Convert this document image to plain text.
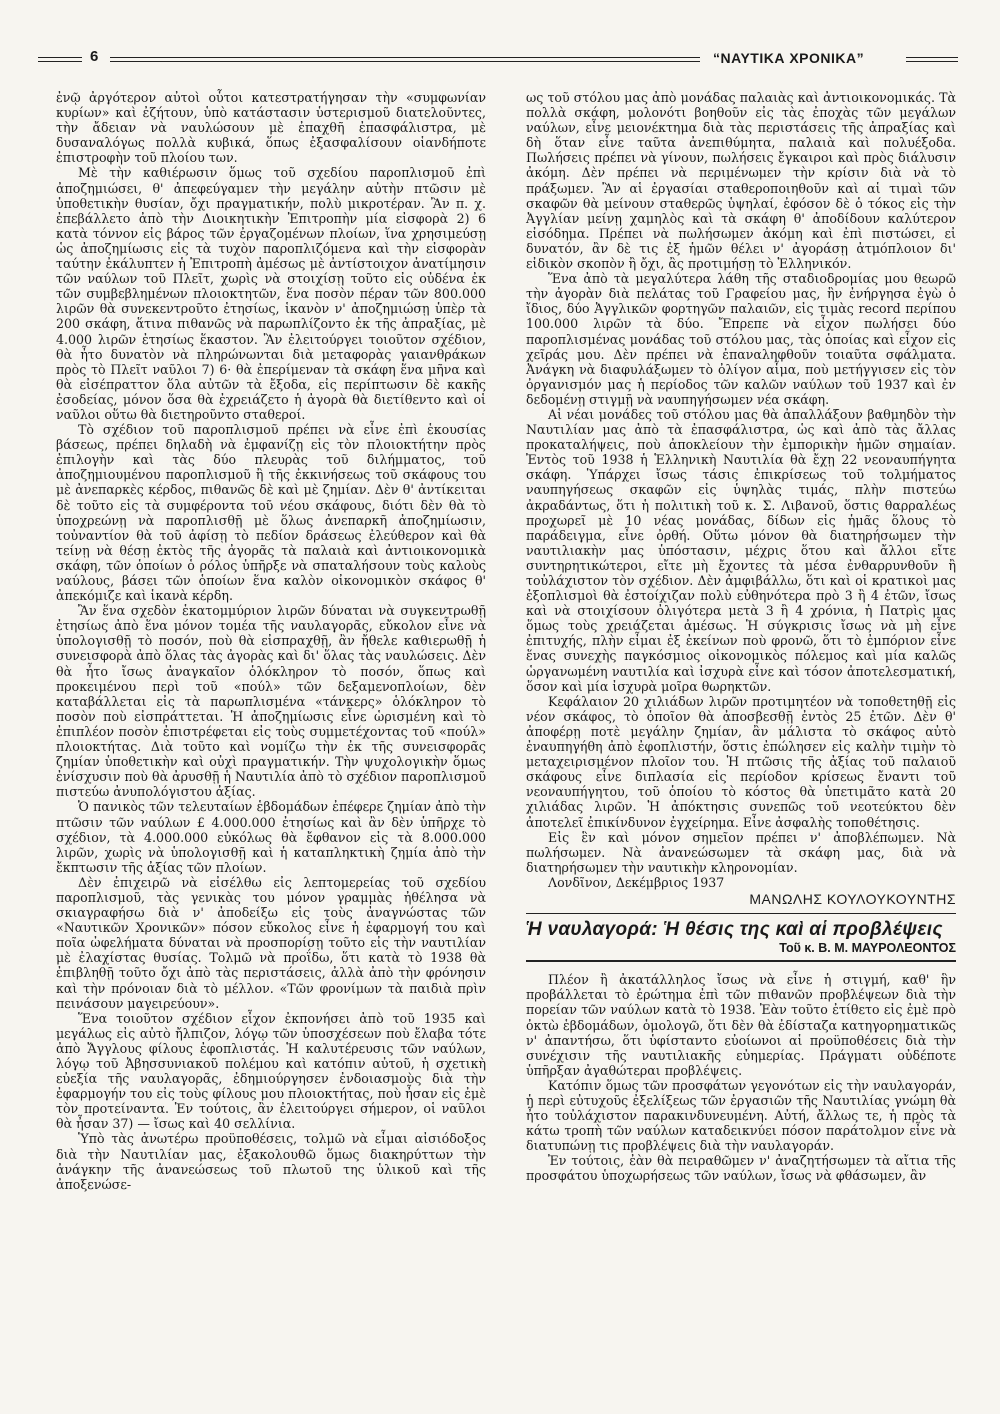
6	“ΝΑΥΤΙΚΑ ΧΡΟΝΙΚΑ”

ἐνῷ ἀργότερον αὐτοὶ οὗτοι κατεστρατήγησαν τὴν «συμφωνίαν κυρίων» καὶ ἐζήτουν, ὑπὸ κατάστασιν ὑστερισμοῦ διατελοῦντες, τὴν ἄδειαν νὰ ναυλώσουν μὲ ἐπαχθῆ ἐπασφάλιστρα, μὲ δυσαναλόγως πολλὰ κυβικά, ὅπως ἐξασφαλίσουν οἱανδήποτε ἐπιστροφὴν τοῦ πλοίου των.

Μὲ τὴν καθιέρωσιν ὅμως τοῦ σχεδίου παροπλισμοῦ ἐπὶ ἀποζημιώσει, θ' ἀπεφεύγαμεν τὴν μεγάλην αὐτὴν πτῶσιν μὲ ὑποθετικὴν θυσίαν, ὄχι πραγματικήν, πολὺ μικροτέραν. Ἂν π. χ. ἐπεβάλλετο ἀπὸ τὴν Διοικητικὴν Ἐπιτροπὴν μία εἰσφορὰ 2) 6 κατὰ τόννον εἰς βάρος τῶν ἐργαζομένων πλοίων, ἵνα χρησιμεύσῃ ὡς ἀποζημίωσις εἰς τὰ τυχὸν παροπλιζόμενα καὶ τὴν εἰσφορὰν ταύτην ἐκάλυπτεν ἡ Ἐπιτροπὴ ἀμέσως μὲ ἀντίστοιχον ἀνατίμησιν τῶν ναύλων τοῦ Πλεῖτ, χωρὶς νὰ στοιχίσῃ τοῦτο εἰς οὐδένα ἐκ τῶν συμβεβλημένων πλοιοκτητῶν, ἕνα ποσὸν πέραν τῶν 800.000 λιρῶν θὰ συνεκεντροῦτο ἐτησίως, ἱκανὸν ν' ἀποζημιώσῃ ὑπὲρ τὰ 200 σκάφη, ἅτινα πιθανῶς νὰ παρωπλίζοντο ἐκ τῆς ἀπραξίας, μὲ 4.000 λιρῶν ἐτησίως ἕκαστον. Ἂν ἐλειτούργει τοιοῦτον σχέδιον, θὰ ἦτο δυνατὸν νὰ πληρώνωνται διὰ μεταφορὰς γαιανθράκων πρὸς τὸ Πλεῖτ ναῦλοι 7) 6· θὰ ἐπερίμεναν τὰ σκάφη ἕνα μῆνα καὶ θὰ εἰσέπραττον ὅλα αὐτῶν τὰ ἔξοδα, εἰς περίπτωσιν δὲ κακῆς ἐσοδείας, μόνον ὅσα θὰ ἐχρειάζετο ἡ ἀγορὰ θὰ διετίθεντο καὶ οἱ ναῦλοι οὕτω θὰ διετηροῦντο σταθεροί.

Τὸ σχέδιον τοῦ παροπλισμοῦ πρέπει νὰ εἶνε ἐπὶ ἑκουσίας βάσεως, πρέπει δηλαδὴ νὰ ἐμφανίζῃ εἰς τὸν πλοιοκτήτην πρὸς ἐπιλογὴν καὶ τὰς δύο πλευρὰς τοῦ διλήμματος, τοῦ ἀποζημιουμένου παροπλισμοῦ ἢ τῆς ἐκκινήσεως τοῦ σκάφους του μὲ ἀνεπαρκὲς κέρδος, πιθανῶς δὲ καὶ μὲ ζημίαν. Δὲν θ' ἀντίκειται δὲ τοῦτο εἰς τὰ συμφέροντα τοῦ νέου σκάφους, διότι δὲν θὰ τὸ ὑποχρεώνῃ νὰ παροπλισθῇ μὲ ὅλως ἀνεπαρκῆ ἀποζημίωσιν, τοὐναντίον θὰ τοῦ ἀφίσῃ τὸ πεδίον δράσεως ἐλεύθερον καὶ θὰ τείνῃ νὰ θέσῃ ἐκτὸς τῆς ἀγορᾶς τὰ παλαιὰ καὶ ἀντιοικονομικὰ σκάφη, τῶν ὁποίων ὁ ρόλος ὑπῆρξε νὰ σπαταλήσουν τοὺς καλοὺς ναύλους, βάσει τῶν ὁποίων ἕνα καλὸν οἰκονομικὸν σκάφος θ' ἀπεκόμιζε καὶ ἱκανὰ κέρδη.

Ἂν ἕνα σχεδὸν ἑκατομμύριον λιρῶν δύναται νὰ συγκεντρωθῇ ἐτησίως ἀπὸ ἕνα μόνον τομέα τῆς ναυλαγορᾶς, εὔκολον εἶνε νὰ ὑπολογισθῇ τὸ ποσόν, ποὺ θὰ εἰσπραχθῇ, ἂν ἤθελε καθιερωθῇ ἡ συνεισφορὰ ἀπὸ ὅλας τὰς ἀγορὰς καὶ δι' ὅλας τὰς ναυλώσεις. Δὲν θὰ ἦτο ἴσως ἀναγκαῖον ὁλόκληρον τὸ ποσόν, ὅπως καὶ προκειμένου περὶ τοῦ «πούλ» τῶν δεξαμενοπλοίων, δὲν καταβάλλεται εἰς τὰ παρωπλισμένα «τάνκερς» ὁλόκληρον τὸ ποσὸν ποὺ εἰσπράττεται. Ἡ ἀποζημίωσις εἶνε ὡρισμένη καὶ τὸ ἐπιπλέον ποσὸν ἐπιστρέφεται εἰς τοὺς συμμετέχοντας τοῦ «πούλ» πλοιοκτήτας. Διὰ τοῦτο καὶ νομίζω τὴν ἐκ τῆς συνεισφορᾶς ζημίαν ὑποθετικὴν καὶ οὐχὶ πραγματικήν. Τὴν ψυχολογικὴν ὅμως ἐνίσχυσιν ποὺ θὰ ἀρυσθῇ ἡ Ναυτιλία ἀπὸ τὸ σχέδιον παροπλισμοῦ πιστεύω ἀνυπολόγιστου ἀξίας.

Ὁ πανικὸς τῶν τελευταίων ἑβδομάδων ἐπέφερε ζημίαν ἀπὸ τὴν πτῶσιν τῶν ναύλων £ 4.000.000 ἐτησίως καὶ ἂν δὲν ὑπῆρχε τὸ σχέδιον, τὰ 4.000.000 εὐκόλως θὰ ἔφθανον εἰς τὰ 8.000.000 λιρῶν, χωρὶς νὰ ὑπολογισθῇ καὶ ἡ καταπληκτικὴ ζημία ἀπὸ τὴν ἔκπτωσιν τῆς ἀξίας τῶν πλοίων.

Δὲν ἐπιχειρῶ νὰ εἰσέλθω εἰς λεπτομερείας τοῦ σχεδίου παροπλισμοῦ, τὰς γενικὰς του μόνον γραμμὰς ἠθέλησα νὰ σκιαγραφήσω διὰ ν' ἀποδείξω εἰς τοὺς ἀναγνώστας τῶν «Ναυτικῶν Χρονικῶν» πόσον εὔκολος εἶνε ἡ ἐφαρμογή του καὶ ποῖα ὠφελήματα δύναται νὰ προσπορίσῃ τοῦτο εἰς τὴν ναυτιλίαν μὲ ἐλαχίστας θυσίας. Τολμῶ νὰ προΐδω, ὅτι κατὰ τὸ 1938 θὰ ἐπιβληθῇ τοῦτο ὄχι ἀπὸ τὰς περιστάσεις, ἀλλὰ ἀπὸ τὴν φρόνησιν καὶ τὴν πρόνοιαν διὰ τὸ μέλλον. «Τῶν φρονίμων τὰ παιδιὰ πρὶν πεινάσουν μαγειρεύουν».

Ἕνα τοιοῦτον σχέδιον εἶχον ἐκπονήσει ἀπὸ τοῦ 1935 καὶ μεγάλως εἰς αὐτὸ ἤλπιζον, λόγῳ τῶν ὑποσχέσεων ποὺ ἔλαβα τότε ἀπὸ Ἄγγλους φίλους ἐφοπλιστάς. Ἡ καλυτέρευσις τῶν ναύλων, λόγῳ τοῦ Ἀβησσυνιακοῦ πολέμου καὶ κατόπιν αὐτοῦ, ἡ σχετικὴ εὐεξία τῆς ναυλαγορᾶς, ἐδημιούργησεν ἐνδοιασμοὺς διὰ τὴν ἐφαρμογήν του εἰς τοὺς φίλους μου πλοιοκτήτας, ποὺ ἦσαν εἰς ἐμὲ τὸν προτείναντα. Ἐν τούτοις, ἂν ἐλειτούργει σήμερον, οἱ ναῦλοι θὰ ἦσαν 37) — ἴσως καὶ 40 σελλίνια.

Ὑπὸ τὰς ἀνωτέρω προϋποθέσεις, τολμῶ νὰ εἶμαι αἰσιόδοξος διὰ τὴν Ναυτιλίαν μας, ἐξακολουθῶ ὅμως διακηρύττων τὴν ἀνάγκην τῆς ἀνανεώσεως τοῦ πλωτοῦ της ὑλικοῦ καὶ τῆς ἀποξενώσε-

ως τοῦ στόλου μας ἀπὸ μονάδας παλαιὰς καὶ ἀντιοικονομικάς. Τὰ πολλὰ σκάφη, μολονότι βοηθοῦν εἰς τὰς ἐποχὰς τῶν μεγάλων ναύλων, εἶνε μειονέκτημα διὰ τὰς περιστάσεις τῆς ἀπραξίας καὶ δὴ ὅταν εἶνε ταῦτα ἀνεπιθύμητα, παλαιὰ καὶ πολυέξοδα. Πωλήσεις πρέπει νὰ γίνουν, πωλήσεις ἔγκαιροι καὶ πρὸς διάλυσιν ἀκόμη. Δὲν πρέπει νὰ περιμένωμεν τὴν κρίσιν διὰ νὰ τὸ πράξωμεν. Ἂν αἱ ἐργασίαι σταθεροποιηθοῦν καὶ αἱ τιμαὶ τῶν σκαφῶν θὰ μείνουν σταθερῶς ὑψηλαί, ἐφόσον δὲ ὁ τόκος εἰς τὴν Ἀγγλίαν μείνῃ χαμηλὸς καὶ τὰ σκάφη θ' ἀποδίδουν καλύτερον εἰσόδημα. Πρέπει νὰ πωλήσωμεν ἀκόμη καὶ ἐπὶ πιστώσει, εἰ δυνατόν, ἂν δὲ τις ἐξ ἡμῶν θέλει ν' ἀγοράσῃ ἀτμόπλοιον δι' εἰδικὸν σκοπὸν ἢ ὄχι, ἂς προτιμήσῃ τὸ Ἑλληνικόν.

Ἕνα ἀπὸ τὰ μεγαλύτερα λάθη τῆς σταδιοδρομίας μου θεωρῶ τὴν ἀγορὰν διὰ πελάτας τοῦ Γραφείου μας, ἣν ἐνήργησα ἐγὼ ὁ ἴδιος, δύο Ἀγγλικῶν φορτηγῶν παλαιῶν, εἰς τιμὰς record περίπου 100.000 λιρῶν τὰ δύο. Ἔπρεπε νὰ εἶχον πωλήσει δύο παροπλισμένας μονάδας τοῦ στόλου μας, τὰς ὁποίας καὶ εἶχον εἰς χεῖράς μου. Δὲν πρέπει νὰ ἐπαναληφθοῦν τοιαῦτα σφάλματα. Ἀνάγκη νὰ διαφυλάξωμεν τὸ ὀλίγον αἷμα, ποὺ μετήγγισεν εἰς τὸν ὀργανισμόν μας ἡ περίοδος τῶν καλῶν ναύλων τοῦ 1937 καὶ ἐν δεδομένῃ στιγμῇ νὰ ναυπηγήσωμεν νέα σκάφη.

Αἱ νέαι μονάδες τοῦ στόλου μας θὰ ἀπαλλάξουν βαθμηδὸν τὴν Ναυτιλίαν μας ἀπὸ τὰ ἐπασφάλιστρα, ὡς καὶ ἀπὸ τὰς ἄλλας προκαταλήψεις, ποὺ ἀποκλείουν τὴν ἐμπορικὴν ἡμῶν σημαίαν. Ἐντὸς τοῦ 1938 ἡ Ἑλληνικὴ Ναυτιλία θὰ ἔχῃ 22 νεοναυπήγητα σκάφη. Ὑπάρχει ἴσως τάσις ἐπικρίσεως τοῦ τολμήματος ναυπηγήσεως σκαφῶν εἰς ὑψηλὰς τιμάς, πλὴν πιστεύω ἀκραδάντως, ὅτι ἡ πολιτικὴ τοῦ κ. Σ. Λιβανοῦ, ὅστις θαρραλέως προχωρεῖ μὲ 10 νέας μονάδας, δίδων εἰς ἡμᾶς ὅλους τὸ παράδειγμα, εἶνε ὀρθή. Οὕτω μόνον θὰ διατηρήσωμεν τὴν ναυτιλιακὴν μας ὑπόστασιν, μέχρις ὅτου καὶ ἄλλοι εἴτε συντηρητικώτεροι, εἴτε μὴ ἔχοντες τὰ μέσα ἐνθαρρυνθοῦν ἢ τοὐλάχιστον τὸν σχέδιον. Δὲν ἀμφιβάλλω, ὅτι καὶ οἱ κρατικοὶ μας ἐξοπλισμοὶ θὰ ἐστοίχιζαν πολὺ εὐθηνότερα πρὸ 3 ἢ 4 ἐτῶν, ἴσως καὶ νὰ στοιχίσουν ὀλιγότερα μετὰ 3 ἢ 4 χρόνια, ἡ Πατρὶς μας ὅμως τοὺς χρειάζεται ἀμέσως. Ἡ σύγκρισις ἴσως νὰ μὴ εἶνε ἐπιτυχής, πλὴν εἶμαι ἐξ ἐκείνων ποὺ φρονῶ, ὅτι τὸ ἐμπόριον εἶνε ἕνας συνεχὴς παγκόσμιος οἰκονομικὸς πόλεμος καὶ μία καλῶς ὡργανωμένη ναυτιλία καὶ ἰσχυρὰ εἶνε καὶ τόσον ἀποτελεσματική, ὅσον καὶ μία ἰσχυρὰ μοῖρα θωρηκτῶν.

Κεφάλαιον 20 χιλιάδων λιρῶν προτιμητέον νὰ τοποθετηθῇ εἰς νέον σκάφος, τὸ ὁποῖον θὰ ἀποσβεσθῇ ἐντὸς 25 ἐτῶν. Δὲν θ' ἀποφέρῃ ποτὲ μεγάλην ζημίαν, ἂν μάλιστα τὸ σκάφος αὐτὸ ἐναυπηγήθη ἀπὸ ἐφοπλιστήν, ὅστις ἐπώλησεν εἰς καλὴν τιμὴν τὸ μεταχειρισμένον πλοῖον του. Ἡ πτῶσις τῆς ἀξίας τοῦ παλαιοῦ σκάφους εἶνε διπλασία εἰς περίοδον κρίσεως ἔναντι τοῦ νεοναυπήγητου, τοῦ ὁποίου τὸ κόστος θὰ ὑπετιμᾶτο κατὰ 20 χιλιάδας λιρῶν. Ἡ ἀπόκτησις συνεπῶς τοῦ νεοτεύκτου δὲν ἀποτελεῖ ἐπικίνδυνον ἐγχείρημα. Εἶνε ἀσφαλὴς τοποθέτησις.

Εἰς ἓν καὶ μόνον σημεῖον πρέπει ν' ἀποβλέπωμεν. Νὰ πωλήσωμεν. Νὰ ἀνανεώσωμεν τὰ σκάφη μας, διὰ νὰ διατηρήσωμεν τὴν ναυτικὴν κληρονομίαν.

Λονδῖνον, Δεκέμβριος 1937

ΜΑΝΩΛΗΣ ΚΟΥΛΟΥΚΟΥΝΤΗΣ
Ἡ ναυλαγορά: Ἡ θέσις της καὶ αἱ προβλέψεις
Τοῦ κ. Β. Μ. ΜΑΥΡΟΛΕΟΝΤΟΣ

Πλέον ἢ ἀκατάλληλος ἴσως νὰ εἶνε ἡ στιγμή, καθ' ἣν προβάλλεται τὸ ἐρώτημα ἐπὶ τῶν πιθανῶν προβλέψεων διὰ τὴν πορείαν τῶν ναύλων κατὰ τὸ 1938. Ἐὰν τοῦτο ἐτίθετο εἰς ἐμὲ πρὸ ὀκτὼ ἑβδομάδων, ὁμολογῶ, ὅτι δὲν θὰ ἐδίσταζα κατηγορηματικῶς ν' ἀπαντήσω, ὅτι ὑφίσταντο εὐοίωνοι αἱ προϋποθέσεις διὰ τὴν συνέχισιν τῆς ναυτιλιακῆς εὐημερίας. Πράγματι οὐδέποτε ὑπῆρξαν ἀγαθώτεραι προβλέψεις.

Κατόπιν ὅμως τῶν προσφάτων γεγονότων εἰς τὴν ναυλαγοράν, ἡ περὶ εὐτυχοῦς ἐξελίξεως τῶν ἐργασιῶν τῆς Ναυτιλίας γνώμη θὰ ἦτο τοὐλάχιστον παρακινδυνευμένη. Αὐτή, ἄλλως τε, ἡ πρὸς τὰ κάτω τροπὴ τῶν ναύλων καταδεικνύει πόσον παράτολμον εἶνε νὰ διατυπώνῃ τις προβλέψεις διὰ τὴν ναυλαγοράν.

Ἐν τούτοις, ἐὰν θὰ πειραθῶμεν ν' ἀναζητήσωμεν τὰ αἴτια τῆς προσφάτου ὑποχωρήσεως τῶν ναύλων, ἴσως νὰ φθάσωμεν, ἂν
